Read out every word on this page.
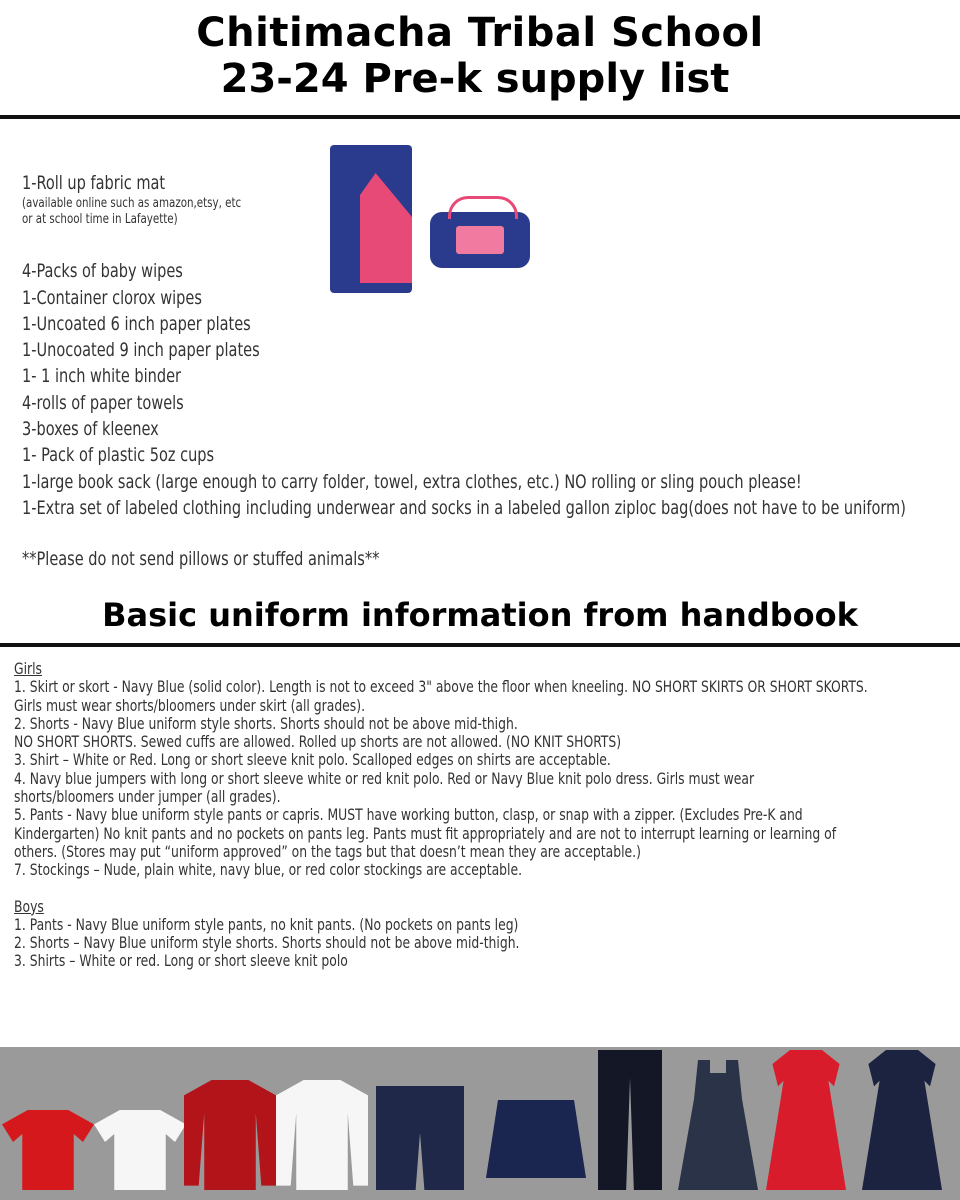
Chitimacha Tribal School
23-24 Pre-k supply list
1-Roll up fabric mat
(available online such as amazon,etsy, etc
or at school time in Lafayette)
4-Packs of baby wipes
1-Container clorox wipes
1-Uncoated 6 inch paper plates
1-Unocoated 9 inch paper plates
1- 1 inch white binder
4-rolls of paper towels
3-boxes of kleenex
1- Pack of plastic 5oz cups
1-large book sack (large enough to carry folder, towel, extra clothes, etc.) NO rolling or sling pouch please!
1-Extra set of labeled clothing including underwear and socks in a labeled gallon ziploc bag(does not have to be uniform)
**Please do not send pillows or stuffed animals**
Basic uniform information from handbook
Girls
1. Skirt or skort - Navy Blue (solid color). Length is not to exceed 3" above the floor when kneeling. NO SHORT SKIRTS OR SHORT SKORTS.
Girls must wear shorts/bloomers under skirt (all grades).
2. Shorts - Navy Blue uniform style shorts. Shorts should not be above mid-thigh.
NO SHORT SHORTS. Sewed cuffs are allowed. Rolled up shorts are not allowed. (NO KNIT SHORTS)
3. Shirt – White or Red. Long or short sleeve knit polo. Scalloped edges on shirts are acceptable.
4. Navy blue jumpers with long or short sleeve white or red knit polo. Red or Navy Blue knit polo dress. Girls must wear
shorts/bloomers under jumper (all grades).
5. Pants - Navy blue uniform style pants or capris. MUST have working button, clasp, or snap with a zipper. (Excludes Pre-K and
Kindergarten) No knit pants and no pockets on pants leg. Pants must fit appropriately and are not to interrupt learning or learning of
others. (Stores may put “uniform approved” on the tags but that doesn’t mean they are acceptable.)
7. Stockings – Nude, plain white, navy blue, or red color stockings are acceptable.
Boys
1. Pants - Navy Blue uniform style pants, no knit pants. (No pockets on pants leg)
2. Shorts – Navy Blue uniform style shorts. Shorts should not be above mid-thigh.
3. Shirts – White or red. Long or short sleeve knit polo
